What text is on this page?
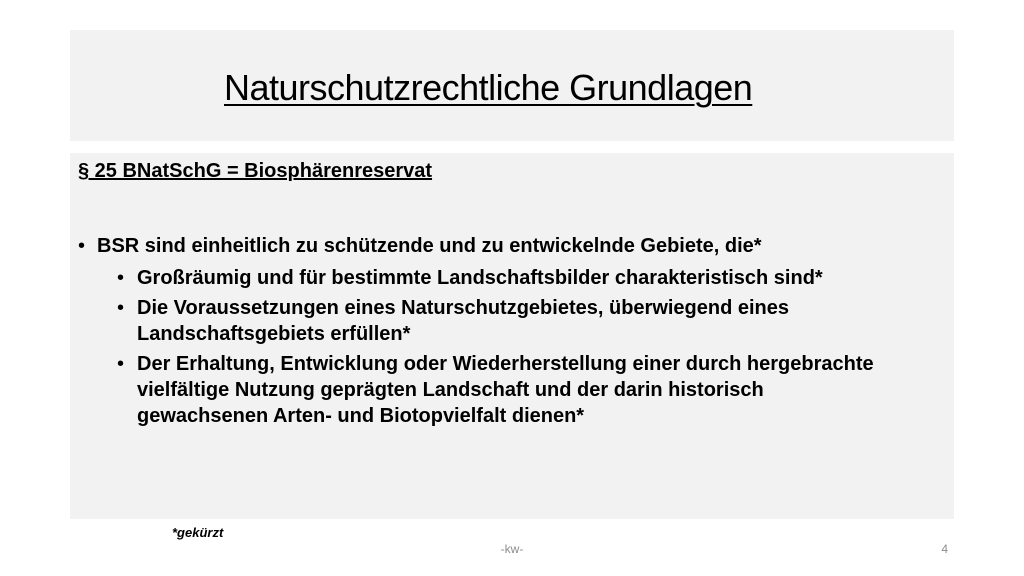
Naturschutzrechtliche Grundlagen

§ 25 BNatSchG = Biosphärenreservat

• BSR sind einheitlich zu schützende und zu entwickelnde Gebiete, die*
• Großräumig und für bestimmte Landschaftsbilder charakteristisch sind*
• Die Voraussetzungen eines Naturschutzgebietes, überwiegend eines Landschaftsgebiets erfüllen*
• Der Erhaltung, Entwicklung oder Wiederherstellung einer durch hergebrachte vielfältige Nutzung geprägten Landschaft und der darin historisch gewachsenen Arten- und Biotopvielfalt dienen*
*gekürzt
-kw-	4
